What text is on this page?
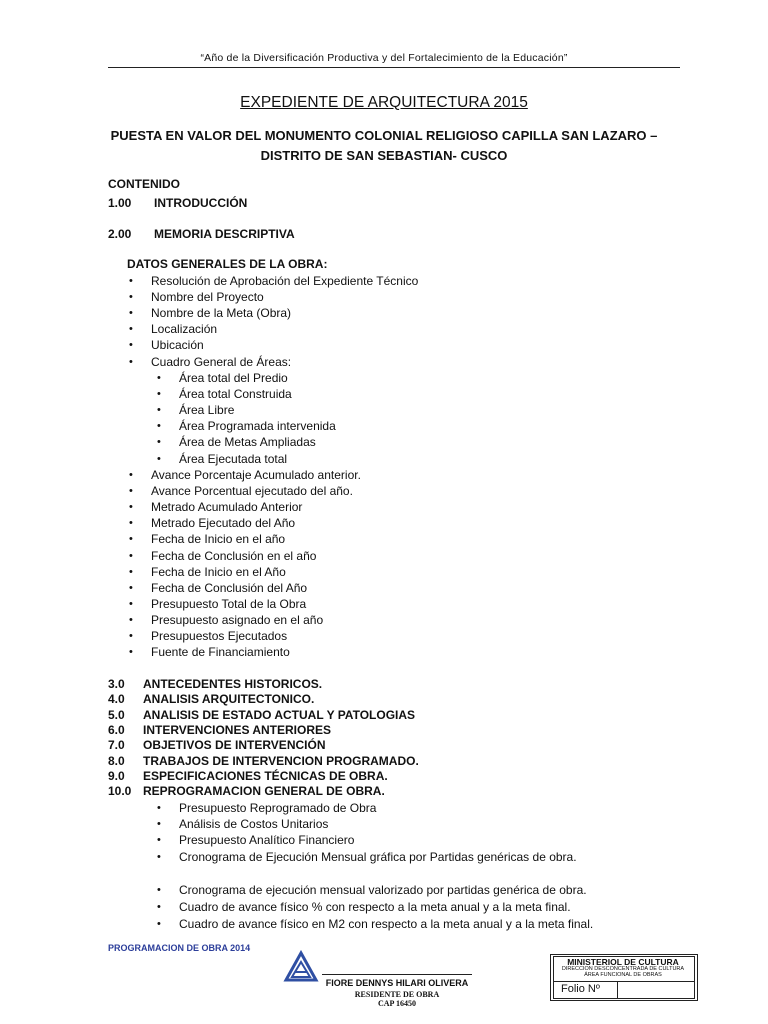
“Año de la Diversificación Productiva y del Fortalecimiento de la Educación”
EXPEDIENTE DE ARQUITECTURA 2015
PUESTA EN VALOR DEL MONUMENTO COLONIAL RELIGIOSO CAPILLA SAN LAZARO –
DISTRITO DE SAN SEBASTIAN- CUSCO
CONTENIDO
1.00 INTRODUCCIÓN
2.00 MEMORIA DESCRIPTIVA
DATOS GENERALES DE LA OBRA:
• Resolución de Aprobación del Expediente Técnico
• Nombre del Proyecto
• Nombre de la Meta (Obra)
• Localización
• Ubicación
• Cuadro General de Áreas:
• Área total del Predio
• Área total Construida
• Área Libre
• Área Programada intervenida
• Área de Metas Ampliadas
• Área Ejecutada total
• Avance Porcentaje Acumulado anterior.
• Avance Porcentual ejecutado del año.
• Metrado Acumulado Anterior
• Metrado Ejecutado del Año
• Fecha de Inicio en el año
• Fecha de Conclusión en el año
• Fecha de Inicio en el Año
• Fecha de Conclusión del Año
• Presupuesto Total de la Obra
• Presupuesto asignado en el año
• Presupuestos Ejecutados
• Fuente de Financiamiento
3.0 ANTECEDENTES HISTORICOS.
4.0 ANALISIS ARQUITECTONICO.
5.0 ANALISIS DE ESTADO ACTUAL Y PATOLOGIAS
6.0 INTERVENCIONES ANTERIORES
7.0 OBJETIVOS DE INTERVENCIÓN
8.0 TRABAJOS DE INTERVENCION PROGRAMADO.
9.0 ESPECIFICACIONES TÉCNICAS DE OBRA.
10.0 REPROGRAMACION GENERAL DE OBRA.
• Presupuesto Reprogramado de Obra
• Análisis de Costos Unitarios
• Presupuesto Analítico Financiero
• Cronograma de Ejecución Mensual gráfica por Partidas genéricas de obra.
• Cronograma de ejecución mensual valorizado por partidas genérica de obra.
• Cuadro de avance físico % con respecto a la meta anual y a la meta final.
• Cuadro de avance físico en M2 con respecto a la meta anual y a la meta final.
PROGRAMACION DE OBRA 2014
FIORE DENNYS HILARI OLIVERA
RESIDENTE DE OBRA
CAP 16450
MINISTERIOL DE CULTURA
DIRECCION DESCONCENTRADA DE CULTURA
ÁREA FUNCIONAL DE OBRAS
Folio Nº
